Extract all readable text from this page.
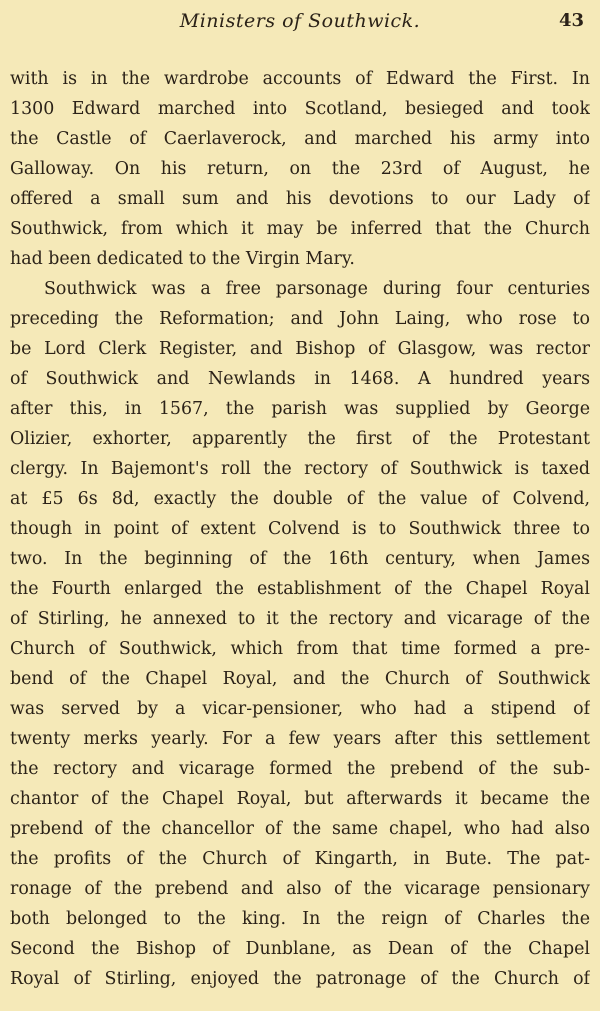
Ministers of Southwick.	43
with is in the wardrobe accounts of Edward the First. In
1300 Edward marched into Scotland, besieged and took
the Castle of Caerlaverock, and marched his army into
Galloway. On his return, on the 23rd of August, he
offered a small sum and his devotions to our Lady of
Southwick, from which it may be inferred that the Church
had been dedicated to the Virgin Mary.
Southwick was a free parsonage during four centuries
preceding the Reformation; and John Laing, who rose to
be Lord Clerk Register, and Bishop of Glasgow, was rector
of Southwick and Newlands in 1468. A hundred years
after this, in 1567, the parish was supplied by George
Olizier, exhorter, apparently the first of the Protestant
clergy. In Bajemont's roll the rectory of Southwick is taxed
at £5 6s 8d, exactly the double of the value of Colvend,
though in point of extent Colvend is to Southwick three to
two. In the beginning of the 16th century, when James
the Fourth enlarged the establishment of the Chapel Royal
of Stirling, he annexed to it the rectory and vicarage of the
Church of Southwick, which from that time formed a pre-
bend of the Chapel Royal, and the Church of Southwick
was served by a vicar-pensioner, who had a stipend of
twenty merks yearly. For a few years after this settlement
the rectory and vicarage formed the prebend of the sub-
chantor of the Chapel Royal, but afterwards it became the
prebend of the chancellor of the same chapel, who had also
the profits of the Church of Kingarth, in Bute. The pat-
ronage of the prebend and also of the vicarage pensionary
both belonged to the king. In the reign of Charles the
Second the Bishop of Dunblane, as Dean of the Chapel
Royal of Stirling, enjoyed the patronage of the Church of
